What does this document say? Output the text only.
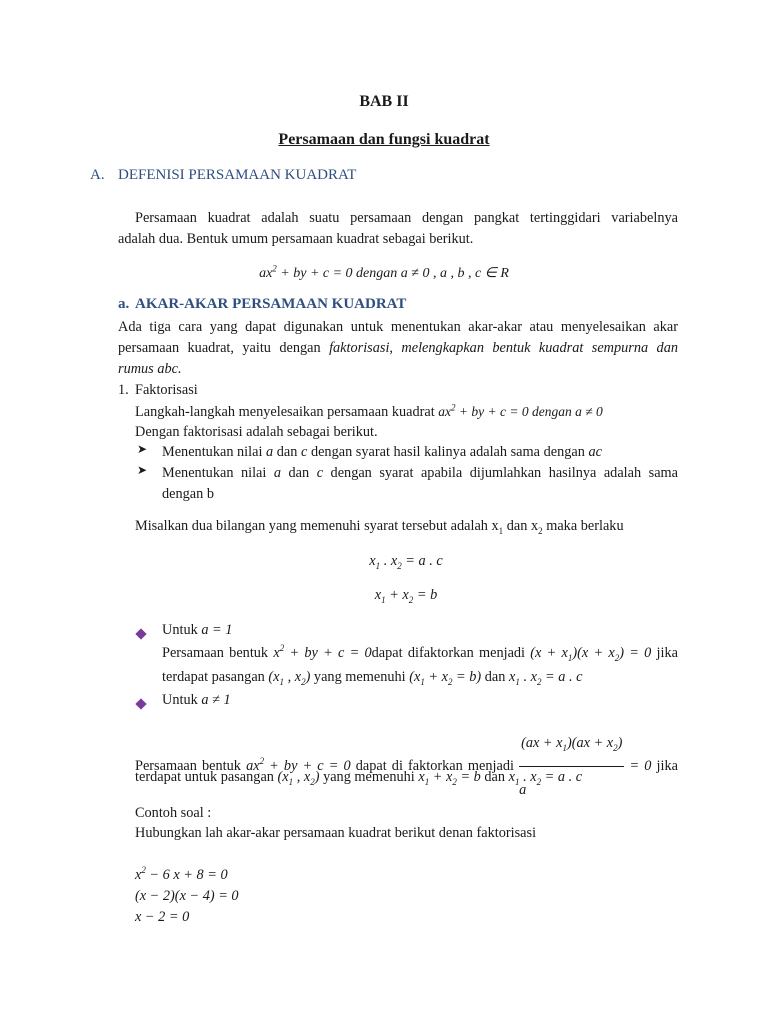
BAB II
Persamaan dan fungsi kuadrat
A. DEFENISI PERSAMAAN KUADRAT
Persamaan kuadrat adalah suatu persamaan dengan pangkat tertinggidari variabelnya
adalah dua. Bentuk umum persamaan kuadrat sebagai berikut.
$ax^2$ + by + c = 0 dengan a ≠ 0 , a , b , c ∈ R
a. AKAR-AKAR PERSAMAAN KUADRAT
Ada tiga cara yang dapat digunakan untuk menentukan akar-akar atau menyelesaikan akar
persamaan kuadrat, yaitu dengan faktorisasi, melengkapkan bentuk kuadrat sempurna dan
rumus abc.
1. Faktorisasi
Langkah-langkah menyelesaikan persamaan kuadrat $ax^2$ + by + c = 0 dengan a ≠ 0
Dengan faktorisasi adalah sebagai berikut.
➤ Menentukan nilai a dan c dengan syarat hasil kalinya adalah sama dengan ac
➤ Menentukan nilai a dan c dengan syarat apabila dijumlahkan hasilnya adalah sama
dengan b
Misalkan dua bilangan yang memenuhi syarat tersebut adalah $x_1$ dan $x_2$ maka berlaku
$x_1$ . $x_2 = a$ . c
$x_1 + x_2 = b$
Untuk a = 1
Persamaan bentuk $x^2$ + by + c = 0dapat difaktorkan menjadi $(x + x_1)(x + x_2) = 0$ jika
terdapat pasangan ($x_1$ , $x_2$) yang memenuhi $(x_1 + x_2 = b)$ dan $x_1$ . $x_2 = a$ . c
Untuk a ≠ 1
Persamaan bentuk $ax^2$ + by + c = 0 dapat di faktorkan menjadi $\frac{(ax + x_1)(ax + x_2)}{a} = 0$ jika
terdapat untuk pasangan ($x_1$ , $x_2$) yang memenuhi $x_1 + x_2 = b$ dan $x_1$ . $x_2 = a$ . c
Contoh soal :
Hubungkan lah akar-akar persamaan kuadrat berikut denan faktorisasi
$x^2 - 6$ x + 8 = 0
(x − 2)(x − 4) = 0
x − 2 = 0
